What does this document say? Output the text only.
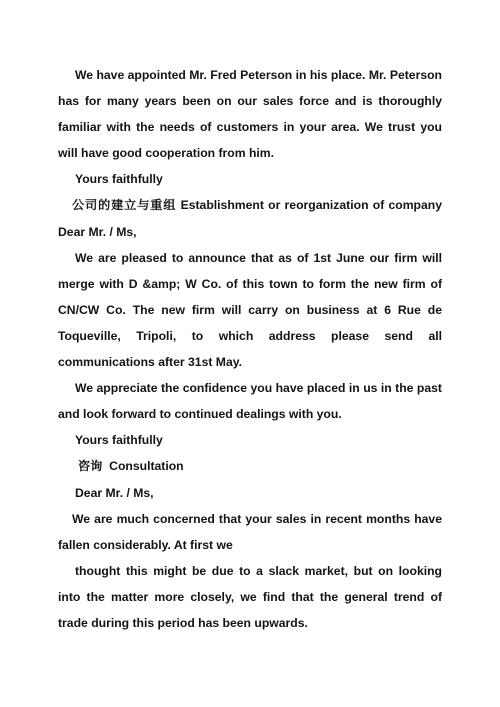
We have appointed Mr. Fred Peterson in his place. Mr. Peterson has for many years been on our sales force and is thoroughly familiar with the needs of customers in your area. We trust you will have good cooperation from him.

Yours faithfully

公司的建立与重组 Establishment or reorganization of company Dear Mr. / Ms,

We are pleased to announce that as of 1st June our firm will merge with D &amp; W Co. of this town to form the new firm of CN/CW Co. The new firm will carry on business at 6 Rue de Toqueville, Tripoli, to which address please send all communications after 31st May.

We appreciate the confidence you have placed in us in the past and look forward to continued dealings with you.

Yours faithfully

咨询 Consultation

Dear Mr. / Ms,

We are much concerned that your sales in recent months have fallen considerably. At first we

thought this might be due to a slack market, but on looking into the matter more closely, we find that the general trend of trade during this period has been upwards.
